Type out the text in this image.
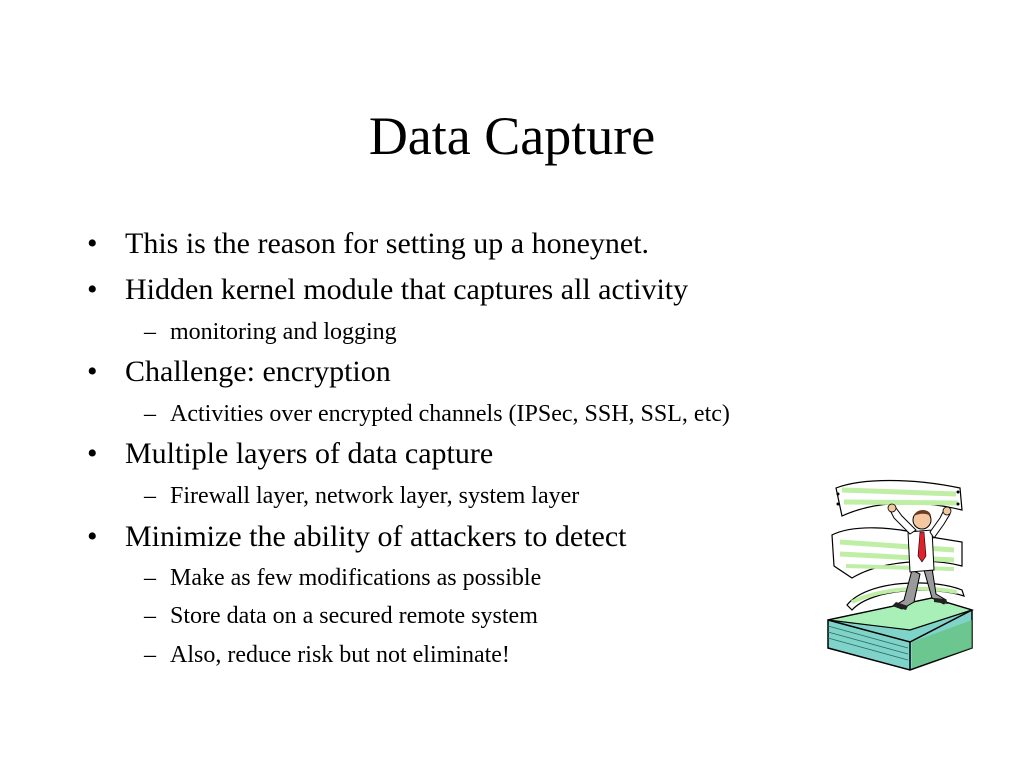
Data Capture
• This is the reason for setting up a honeynet.
• Hidden kernel module that captures all activity
– monitoring and logging
• Challenge: encryption
– Activities over encrypted channels (IPSec, SSH, SSL, etc)
• Multiple layers of data capture
– Firewall layer, network layer, system layer
• Minimize the ability of attackers to detect
– Make as few modifications as possible
– Store data on a secured remote system
– Also, reduce risk but not eliminate!
